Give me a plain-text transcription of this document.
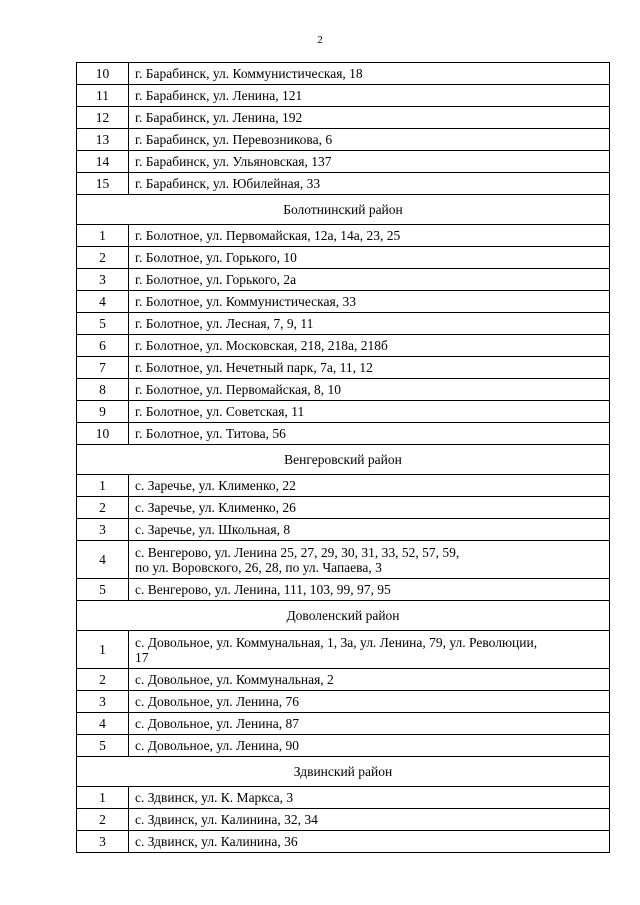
2
10	г. Барабинск, ул. Коммунистическая, 18
11	г. Барабинск, ул. Ленина, 121
12	г. Барабинск, ул. Ленина, 192
13	г. Барабинск, ул. Перевозникова, 6
14	г. Барабинск, ул. Ульяновская, 137
15	г. Барабинск, ул. Юбилейная, 33
Болотнинский район	
1	г. Болотное, ул. Первомайская, 12а, 14а, 23, 25
2	г. Болотное, ул. Горького, 10
3	г. Болотное, ул. Горького, 2а
4	г. Болотное, ул. Коммунистическая, 33
5	г. Болотное, ул. Лесная, 7, 9, 11
6	г. Болотное, ул. Московская, 218, 218а, 218б
7	г. Болотное, ул. Нечетный парк, 7а, 11, 12
8	г. Болотное, ул. Первомайская, 8, 10
9	г. Болотное, ул. Советская, 11
10	г. Болотное, ул. Титова, 56
Венгеровский район	
1	с. Заречье, ул. Клименко, 22
2	с. Заречье, ул. Клименко, 26
3	с. Заречье, ул. Школьная, 8
4	с. Венгерово, ул. Ленина 25, 27, 29, 30, 31, 33, 52, 57, 59,
по ул. Воровского, 26, 28, по ул. Чапаева, 3

5	с. Венгерово, ул. Ленина, 111, 103, 99, 97, 95
Доволенский район	
1	с. Довольное, ул. Коммунальная, 1, 3а, ул. Ленина, 79, ул. Революции,
17

2	с. Довольное, ул. Коммунальная, 2
3	с. Довольное, ул. Ленина, 76
4	с. Довольное, ул. Ленина, 87
5	с. Довольное, ул. Ленина, 90
Здвинский район	
1	с. Здвинск, ул. К. Маркса, 3
2	с. Здвинск, ул. Калинина, 32, 34
3	с. Здвинск, ул. Калинина, 36
